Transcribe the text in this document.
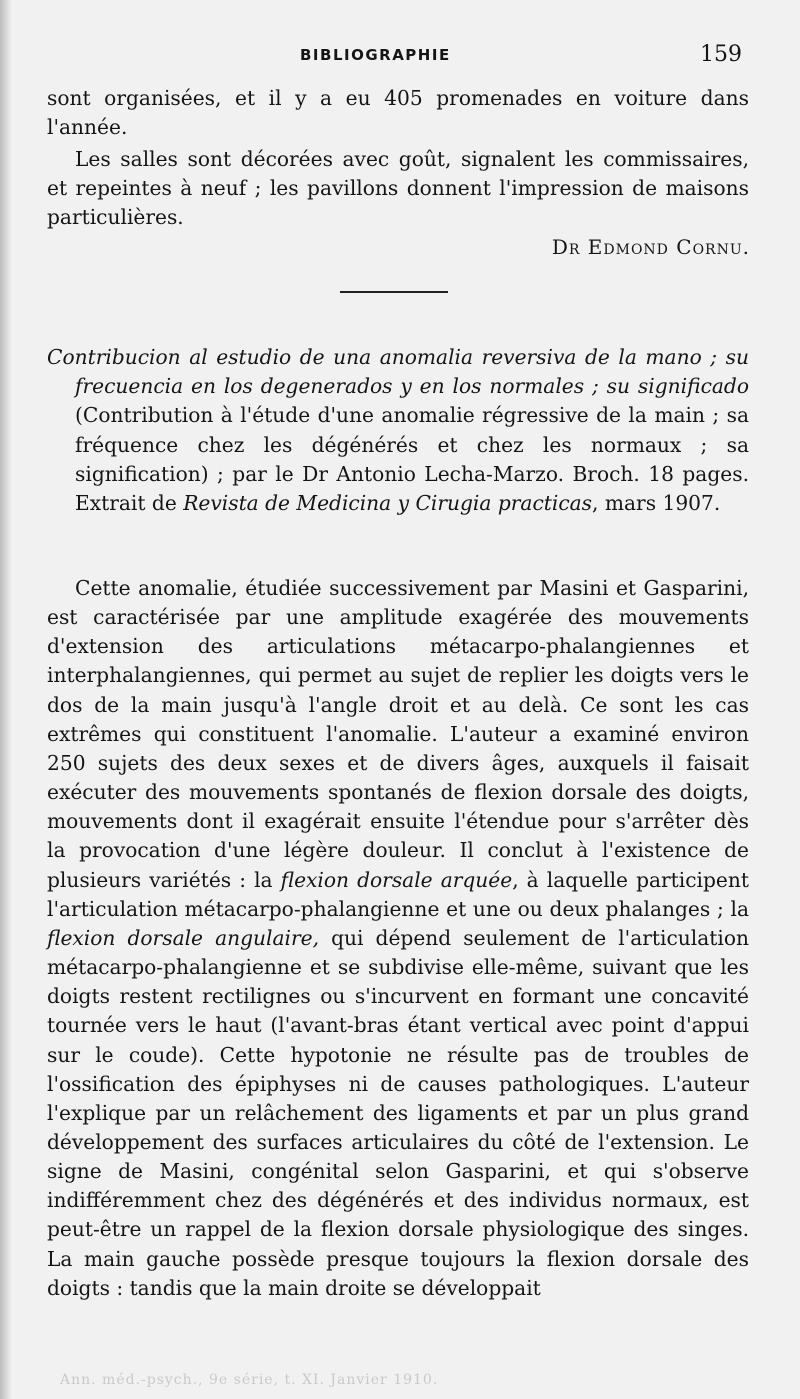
BIBLIOGRAPHIE	159

sont organisées, et il y a eu 405 promenades en voiture dans l'année.

Les salles sont décorées avec goût, signalent les commissaires, et repeintes à neuf ; les pavillons donnent l'impression de maisons particulières.

Dr Edmond Cornu.

Contribucion al estudio de una anomalia reversiva de la mano ; su frecuencia en los degenerados y en los normales ; su significado (Contribution à l'étude d'une anomalie régressive de la main ; sa fréquence chez les dégénérés et chez les normaux ; sa signification) ; par le Dr Antonio Lecha-Marzo. Broch. 18 pages. Extrait de Revista de Medicina y Cirugia practicas, mars 1907.

Cette anomalie, étudiée successivement par Masini et Gasparini, est caractérisée par une amplitude exagérée des mouvements d'extension des articulations métacarpo-phalangiennes et interphalangiennes, qui permet au sujet de replier les doigts vers le dos de la main jusqu'à l'angle droit et au delà. Ce sont les cas extrêmes qui constituent l'anomalie. L'auteur a examiné environ 250 sujets des deux sexes et de divers âges, auxquels il faisait exécuter des mouvements spontanés de flexion dorsale des doigts, mouvements dont il exagérait ensuite l'étendue pour s'arrêter dès la provocation d'une légère douleur. Il conclut à l'existence de plusieurs variétés : la flexion dorsale arquée, à laquelle participent l'articulation métacarpo-phalangienne et une ou deux phalanges ; la flexion dorsale angulaire, qui dépend seulement de l'articulation métacarpo-phalangienne et se subdivise elle-même, suivant que les doigts restent rectilignes ou s'incurvent en formant une concavité tournée vers le haut (l'avant-bras étant vertical avec point d'appui sur le coude). Cette hypotonie ne résulte pas de troubles de l'ossification des épiphyses ni de causes pathologiques. L'auteur l'explique par un relâchement des ligaments et par un plus grand développement des surfaces articulaires du côté de l'extension. Le signe de Masini, congénital selon Gasparini, et qui s'observe indifféremment chez des dégénérés et des individus normaux, est peut-être un rappel de la flexion dorsale physiologique des singes. La main gauche possède presque toujours la flexion dorsale des doigts : tandis que la main droite se développait

Ann. méd.-psych., 9e série, t. XI. Janvier 1910.
